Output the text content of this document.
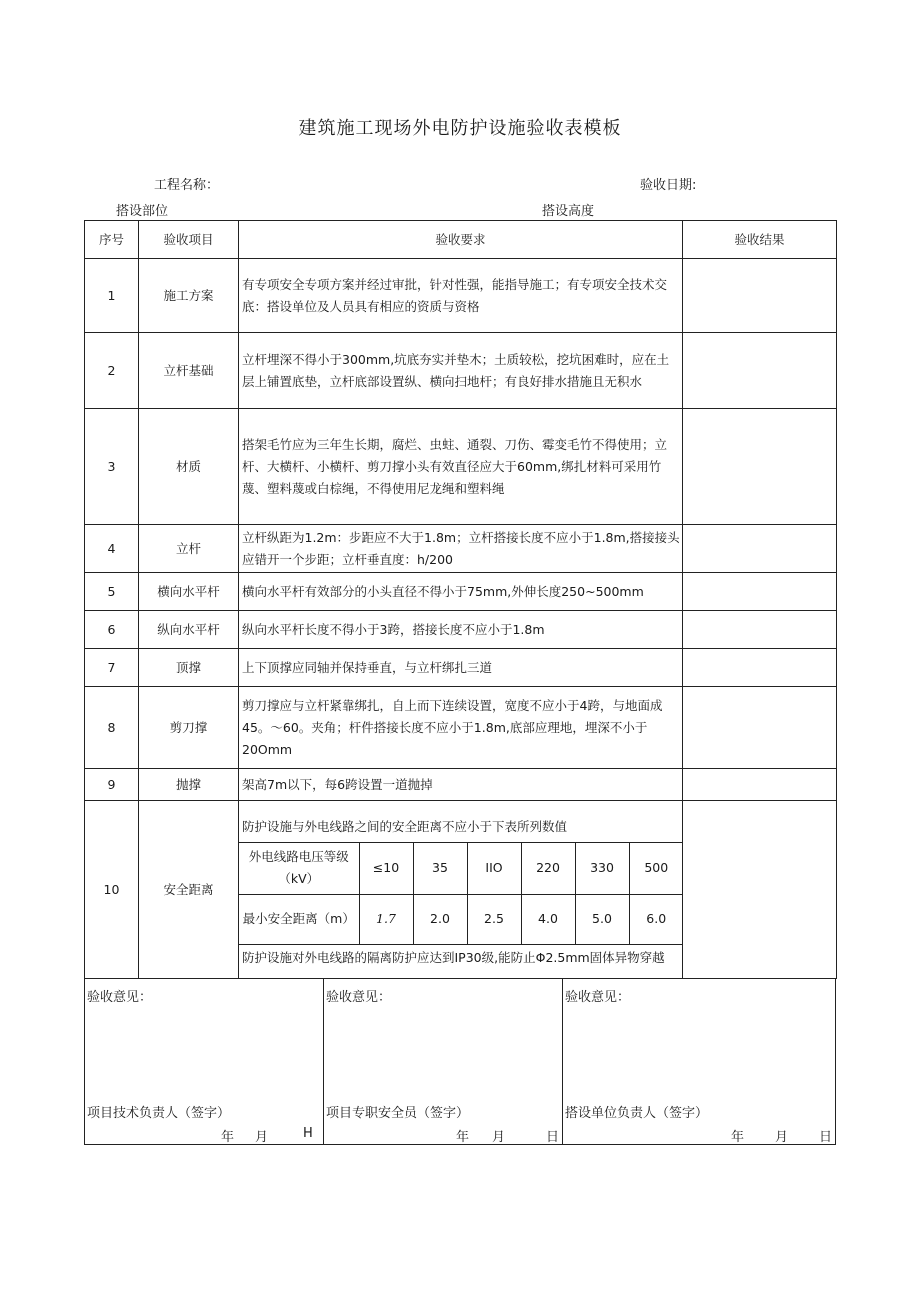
建筑施工现场外电防护设施验收表模板
工程名称：	验收日期:
搭设部位	搭设高度
序号	验收项目	验收要求	验收结果
1	施工方案	有专项安全专项方案并经过审批，针对性强，能指导施工；有专项安全技术交底：搭设单位及人员具有相应的资质与资格	
2	立杆基础	立杆埋深不得小于300mm,坑底夯实并垫木；土质较松，挖坑困难时，应在土层上铺置底垫，立杆底部设置纵、横向扫地杆；有良好排水措施且无积水	
3	材质	搭架毛竹应为三年生长期，腐烂、虫蛀、通裂、刀伤、霉变毛竹不得使用；立杆、大横杆、小横杆、剪刀撑小头有效直径应大于60mm,绑扎材料可采用竹蔑、塑料蔑或白棕绳，不得使用尼龙绳和塑料绳	
4	立杆	立杆纵距为1.2m：步距应不大于1.8m；立杆搭接长度不应小于1.8m,搭接接头应错开一个步距；立杆垂直度：h/200	
5	横向水平杆	横向水平杆有效部分的小头直径不得小于75mm,外伸长度250~500mm	
6	纵向水平杆	纵向水平杆长度不得小于3跨，搭接长度不应小于1.8m	
7	顶撑	上下顶撑应同轴并保持垂直，与立杆绑扎三道	
8	剪刀撑	剪刀撑应与立杆紧靠绑扎，自上而下连续设置，宽度不应小于4跨，与地面成45。～60。夹角；杆件搭接长度不应小于1.8m,底部应理地，埋深不小于20Omm	
9	抛撑	架高7m以下，每6跨设置一道抛掉	
10	安全距离	
防护设施与外电线路之间的安全距离不应小于下表所列数值
外电线路电压等级（kV）	≤10	35	IIO	220	330	500
最小安全距离（m）	1.7	2.0	2.5	4.0	5.0	6.0
防护设施对外电线路的隔离防护应达到IP30级,能防止Φ2.5mm固体异物穿越

验收意见：
项目技术负责人（签字）
年 月	H
验收意见：
项目专职安全员（签字）
年 月	日
验收意见：
搭设单位负责人（签字）
年 月 日
